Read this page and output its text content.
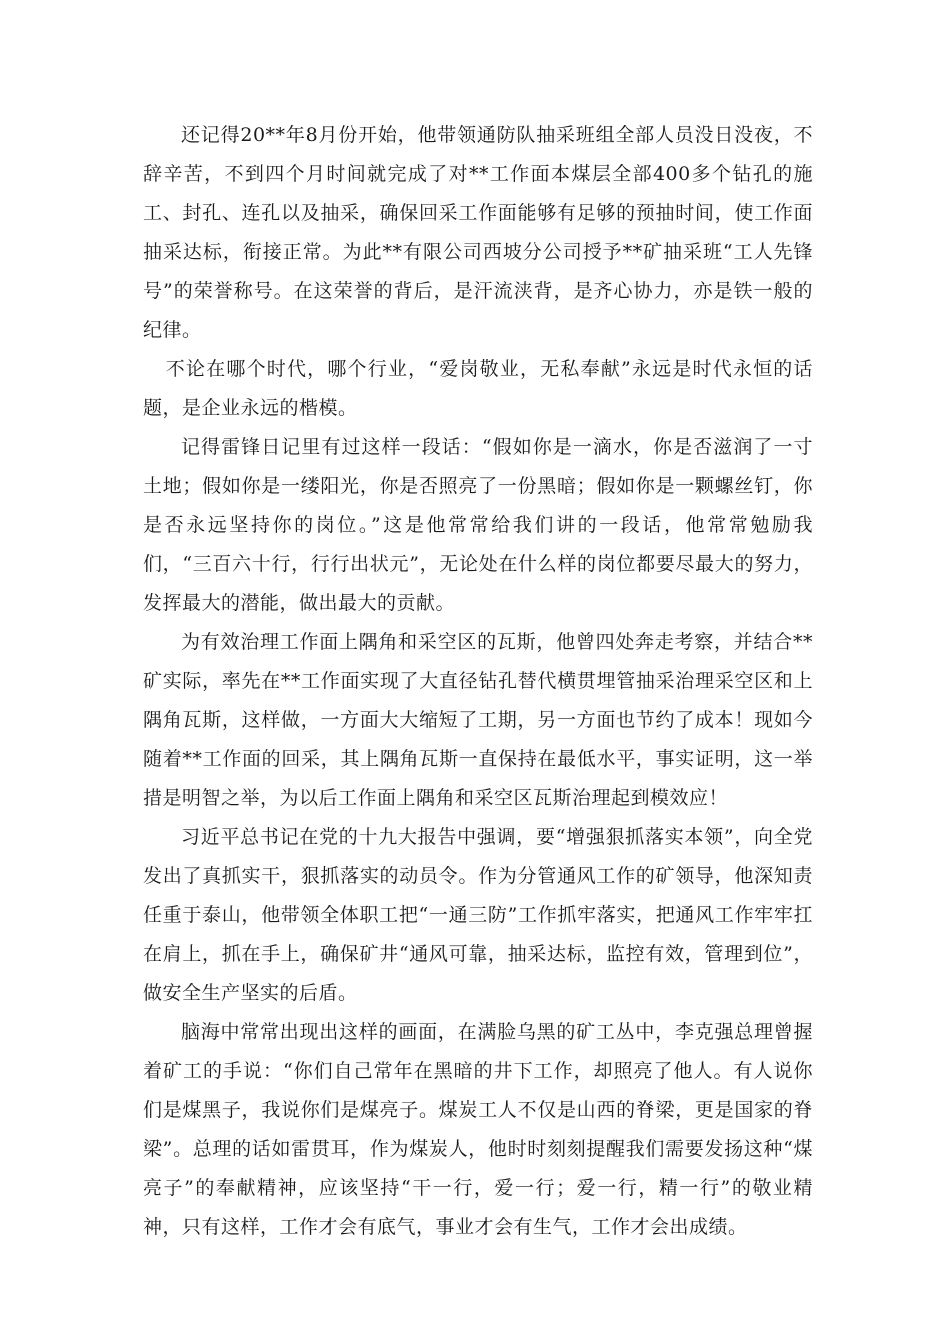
还记得20**年8月份开始，他带领通防队抽采班组全部人员没日没夜，不辞辛苦，不到四个月时间就完成了对**工作面本煤层全部400多个钻孔的施工、封孔、连孔以及抽采，确保回采工作面能够有足够的预抽时间，使工作面抽采达标，衔接正常。为此**有限公司西坡分公司授予**矿抽采班“工人先锋号”的荣誉称号。在这荣誉的背后，是汗流浃背，是齐心协力，亦是铁一般的纪律。

不论在哪个时代，哪个行业，“爱岗敬业，无私奉献”永远是时代永恒的话题，是企业永远的楷模。

记得雷锋日记里有过这样一段话：“假如你是一滴水，你是否滋润了一寸土地；假如你是一缕阳光，你是否照亮了一份黑暗；假如你是一颗螺丝钉，你是否永远坚持你的岗位。”这是他常常给我们讲的一段话，他常常勉励我们，“三百六十行，行行出状元”，无论处在什么样的岗位都要尽最大的努力，发挥最大的潜能，做出最大的贡献。

为有效治理工作面上隅角和采空区的瓦斯，他曾四处奔走考察，并结合**矿实际，率先在**工作面实现了大直径钻孔替代横贯埋管抽采治理采空区和上隅角瓦斯，这样做，一方面大大缩短了工期，另一方面也节约了成本！现如今随着**工作面的回采，其上隅角瓦斯一直保持在最低水平，事实证明，这一举措是明智之举，为以后工作面上隅角和采空区瓦斯治理起到模效应！

习近平总书记在党的十九大报告中强调，要“增强狠抓落实本领”，向全党发出了真抓实干，狠抓落实的动员令。作为分管通风工作的矿领导，他深知责任重于泰山，他带领全体职工把“一通三防”工作抓牢落实，把通风工作牢牢扛在肩上，抓在手上，确保矿井“通风可靠，抽采达标，监控有效，管理到位”，做安全生产坚实的后盾。

脑海中常常出现出这样的画面，在满脸乌黑的矿工丛中，李克强总理曾握着矿工的手说：“你们自己常年在黑暗的井下工作，却照亮了他人。有人说你们是煤黑子，我说你们是煤亮子。煤炭工人不仅是山西的脊梁，更是国家的脊梁”。总理的话如雷贯耳，作为煤炭人，他时时刻刻提醒我们需要发扬这种“煤亮子”的奉献精神，应该坚持“干一行，爱一行；爱一行，精一行”的敬业精神，只有这样，工作才会有底气，事业才会有生气，工作才会出成绩。
